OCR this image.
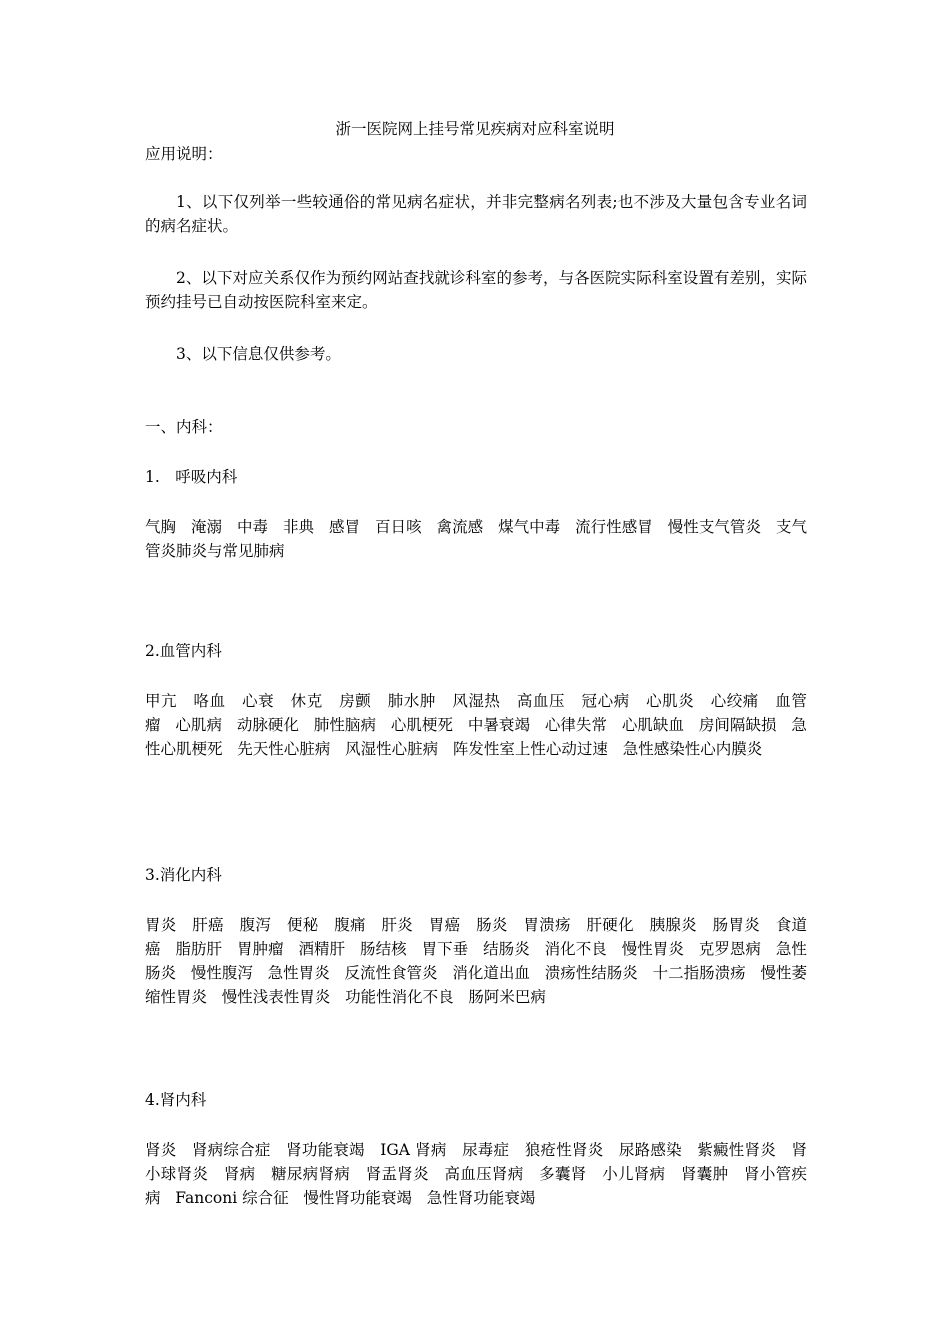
浙一医院网上挂号常见疾病对应科室说明
应用说明：
1、以下仅列举一些较通俗的常见病名症状，并非完整病名列表;也不涉及大量包含专业名词的病名症状。
2、以下对应关系仅作为预约网站查找就诊科室的参考，与各医院实际科室设置有差别，实际预约挂号已自动按医院科室来定。
3、以下信息仅供参考。
一、内科：
1.　呼吸内科
气胸 淹溺 中毒 非典 感冒 百日咳 禽流感 煤气中毒 流行性感冒 慢性支气管炎 支气管炎肺炎与常见肺病
2.血管内科
甲亢 咯血 心衰 休克 房颤 肺水肿 风湿热 高血压 冠心病 心肌炎 心绞痛 血管瘤 心肌病 动脉硬化 肺性脑病 心肌梗死 中暑衰竭 心律失常 心肌缺血 房间隔缺损 急性心肌梗死 先天性心脏病 风湿性心脏病 阵发性室上性心动过速 急性感染性心内膜炎
3.消化内科
胃炎 肝癌 腹泻 便秘 腹痛 肝炎 胃癌 肠炎 胃溃疡 肝硬化 胰腺炎 肠胃炎 食道癌 脂肪肝 胃肿瘤 酒精肝 肠结核 胃下垂 结肠炎 消化不良 慢性胃炎 克罗恩病 急性肠炎 慢性腹泻 急性胃炎 反流性食管炎 消化道出血 溃疡性结肠炎 十二指肠溃疡 慢性萎缩性胃炎 慢性浅表性胃炎 功能性消化不良 肠阿米巴病
4.肾内科
肾炎 肾病综合症 肾功能衰竭 IGA 肾病 尿毒症 狼疮性肾炎 尿路感染 紫癜性肾炎 肾小球肾炎 肾病 糖尿病肾病 肾盂肾炎 高血压肾病 多囊肾 小儿肾病 肾囊肿 肾小管疾病 Fanconi 综合征 慢性肾功能衰竭 急性肾功能衰竭
